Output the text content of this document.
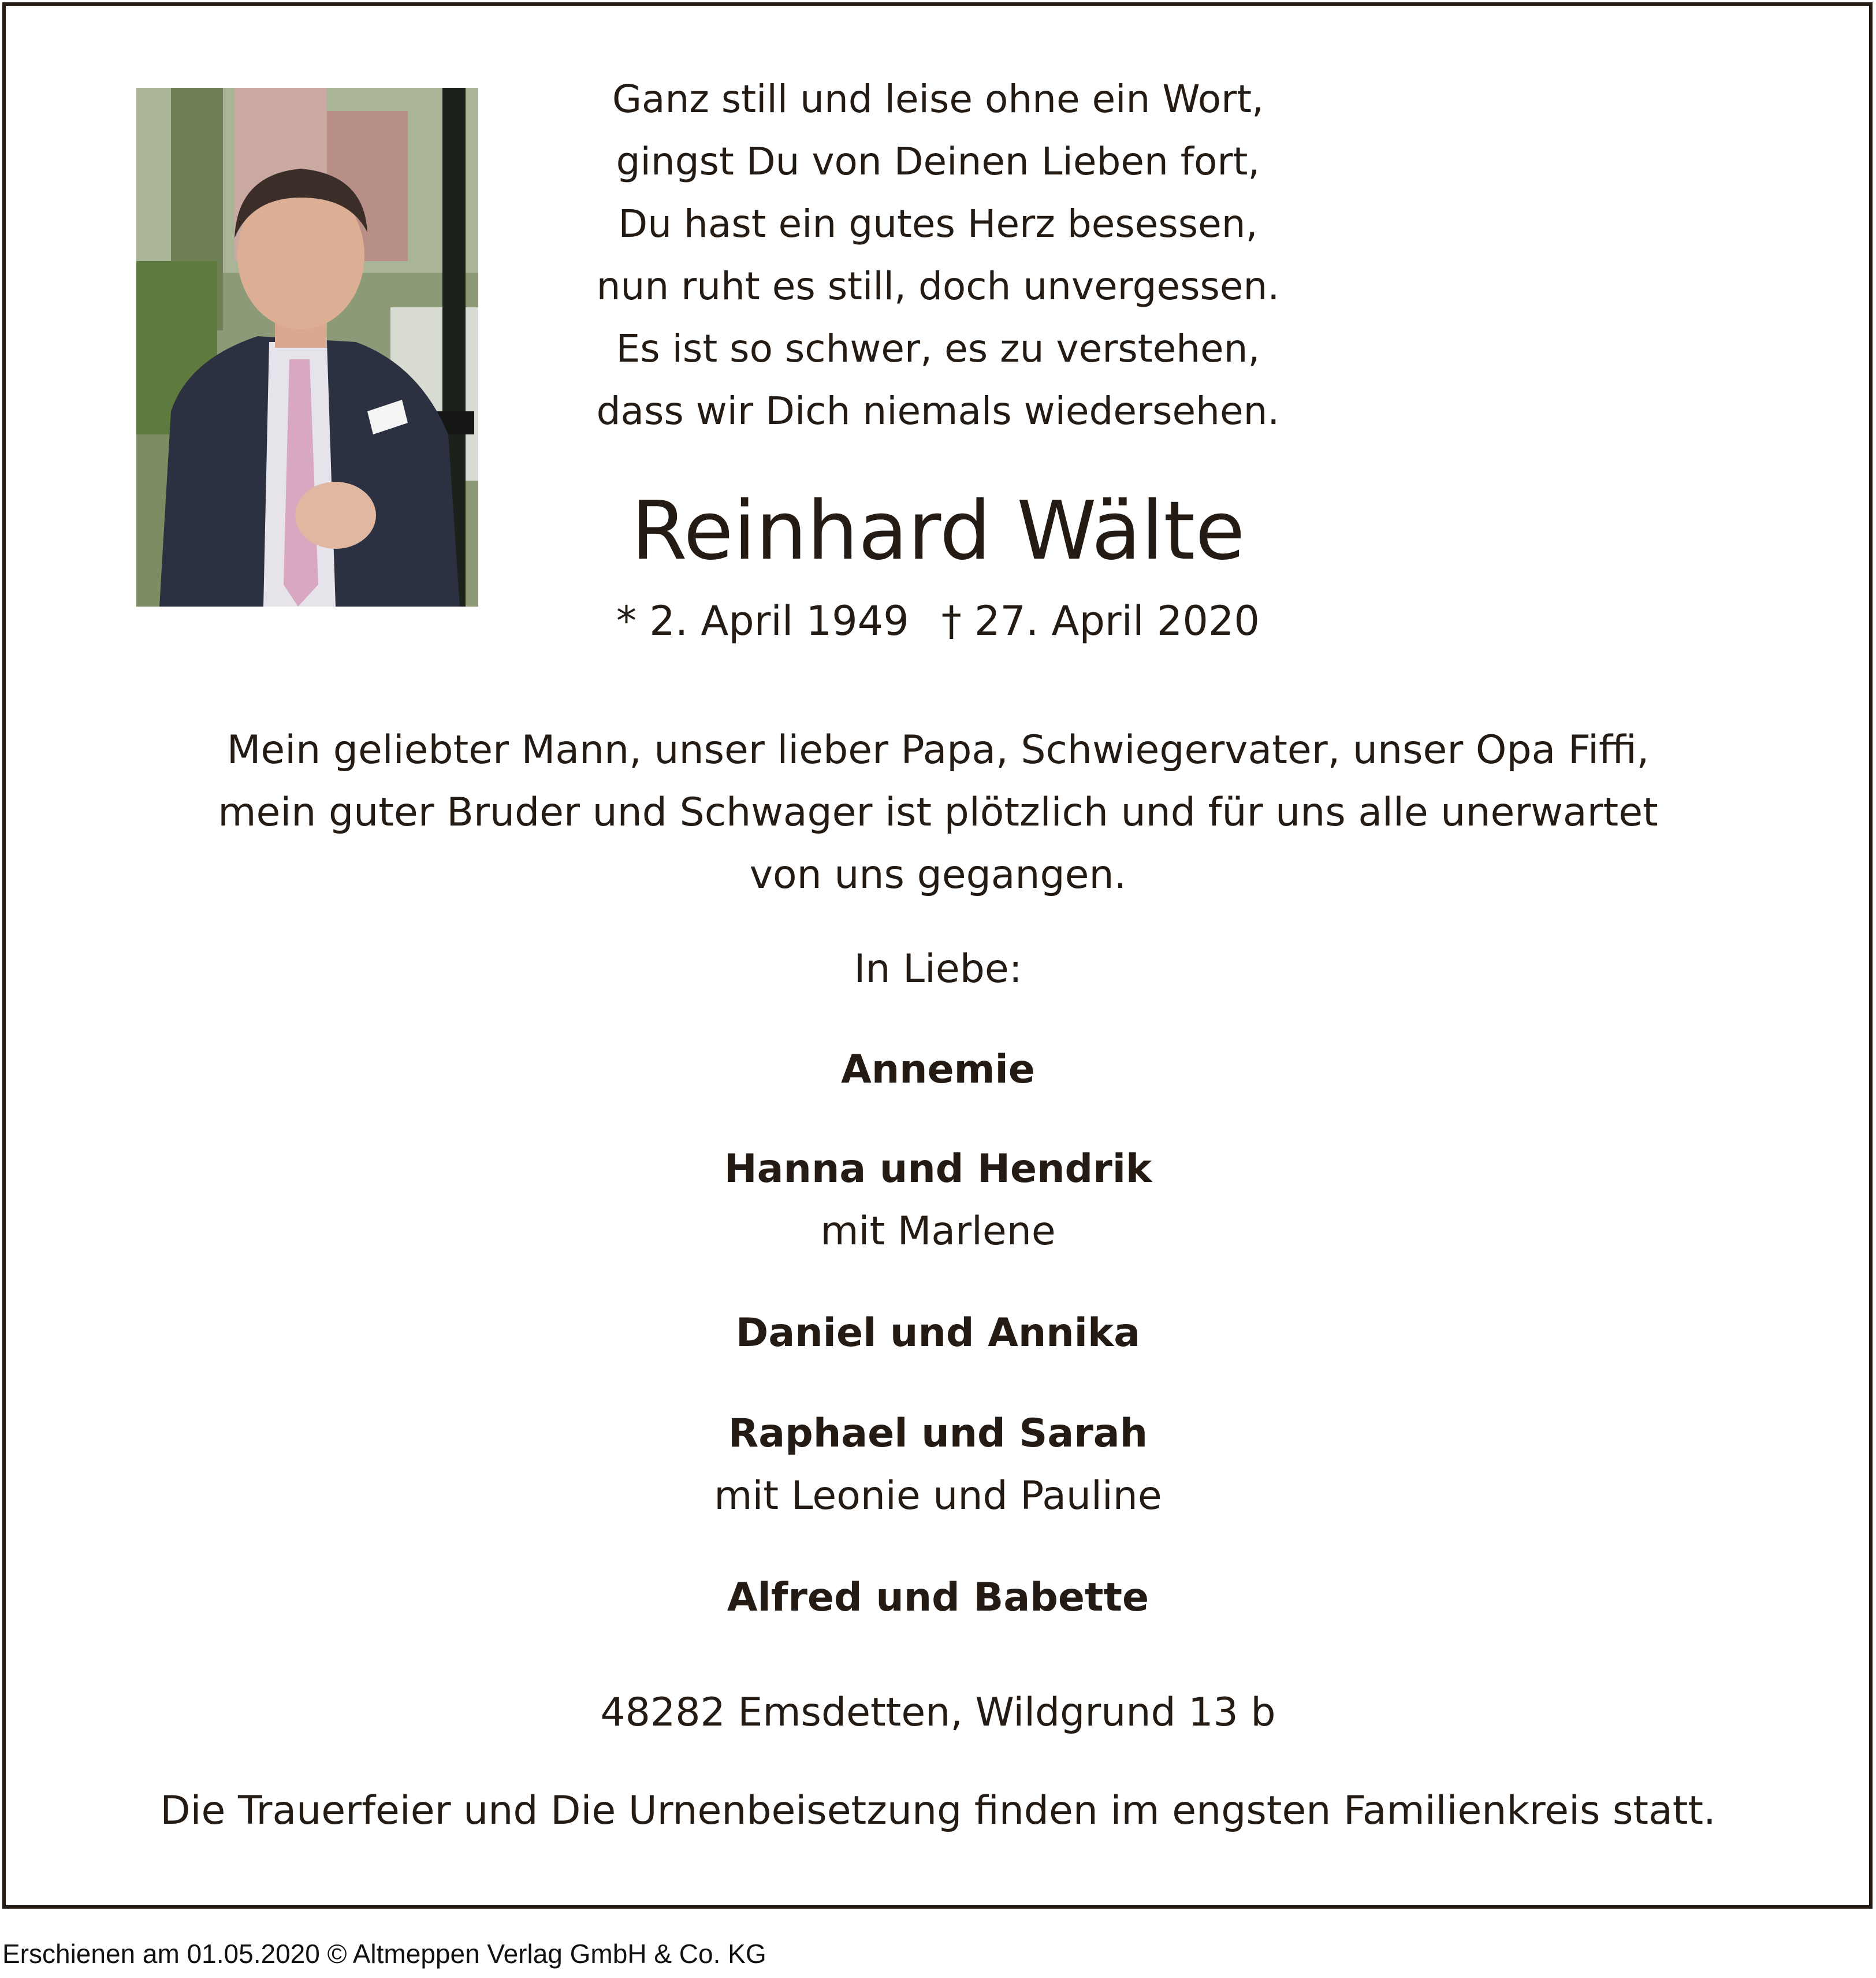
Ganz still und leise ohne ein Wort,
gingst Du von Deinen Lieben fort,
Du hast ein gutes Herz besessen,
nun ruht es still, doch unvergessen.
Es ist so schwer, es zu verstehen,
dass wir Dich niemals wiedersehen.
Reinhard Wälte
* 2. April 1949 † 27. April 2020
Mein geliebter Mann, unser lieber Papa, Schwiegervater, unser Opa Fiffi,
mein guter Bruder und Schwager ist plötzlich und für uns alle unerwartet
von uns gegangen.
In Liebe:
Annemie
Hanna und Hendrik
mit Marlene
Daniel und Annika
Raphael und Sarah
mit Leonie und Pauline
Alfred und Babette
48282 Emsdetten, Wildgrund 13 b
Die Trauerfeier und Die Urnenbeisetzung finden im engsten Familienkreis statt.
Erschienen am 01.05.2020 © Altmeppen Verlag GmbH & Co. KG
